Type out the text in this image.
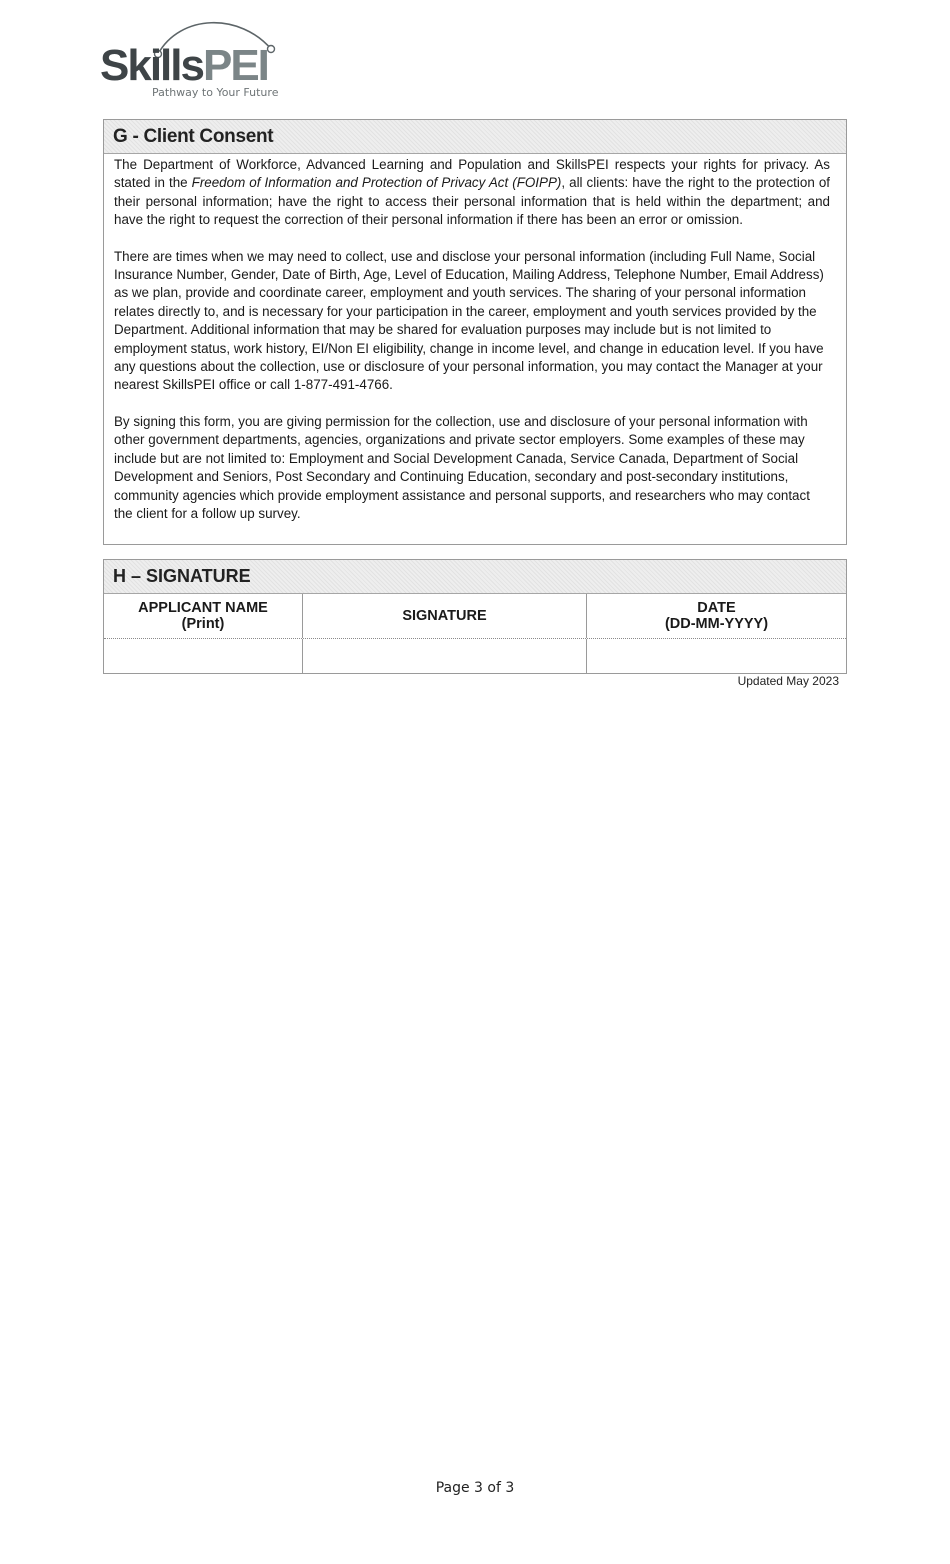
SkillsPEI
Pathway to Your Future
G - Client Consent

The Department of Workforce, Advanced Learning and Population and SkillsPEI respects your rights for privacy. As stated in the Freedom of Information and Protection of Privacy Act (FOIPP), all clients: have the right to the protection of their personal information; have the right to access their personal information that is held within the department; and have the right to request the correction of their personal information if there has been an error or omission.

There are times when we may need to collect, use and disclose your personal information (including Full Name, Social Insurance Number, Gender, Date of Birth, Age, Level of Education, Mailing Address, Telephone Number, Email Address) as we plan, provide and coordinate career, employment and youth services. The sharing of your personal information relates directly to, and is necessary for your participation in the career, employment and youth services provided by the Department. Additional information that may be shared for evaluation purposes may include but is not limited to employment status, work history, EI/Non EI eligibility, change in income level, and change in education level. If you have any questions about the collection, use or disclosure of your personal information, you may contact the Manager at your nearest SkillsPEI office or call 1-877-491-4766.

By signing this form, you are giving permission for the collection, use and disclosure of your personal information with other government departments, agencies, organizations and private sector employers. Some examples of these may include but are not limited to: Employment and Social Development Canada, Service Canada, Department of Social Development and Seniors, Post Secondary and Continuing Education, secondary and post-secondary institutions, community agencies which provide employment assistance and personal supports, and researchers who may contact the client for a follow up survey.

H – SIGNATURE
APPLICANT NAME
(Print)	SIGNATURE	DATE
(DD-MM-YYYY)
Updated May 2023
Page 3 of 3
